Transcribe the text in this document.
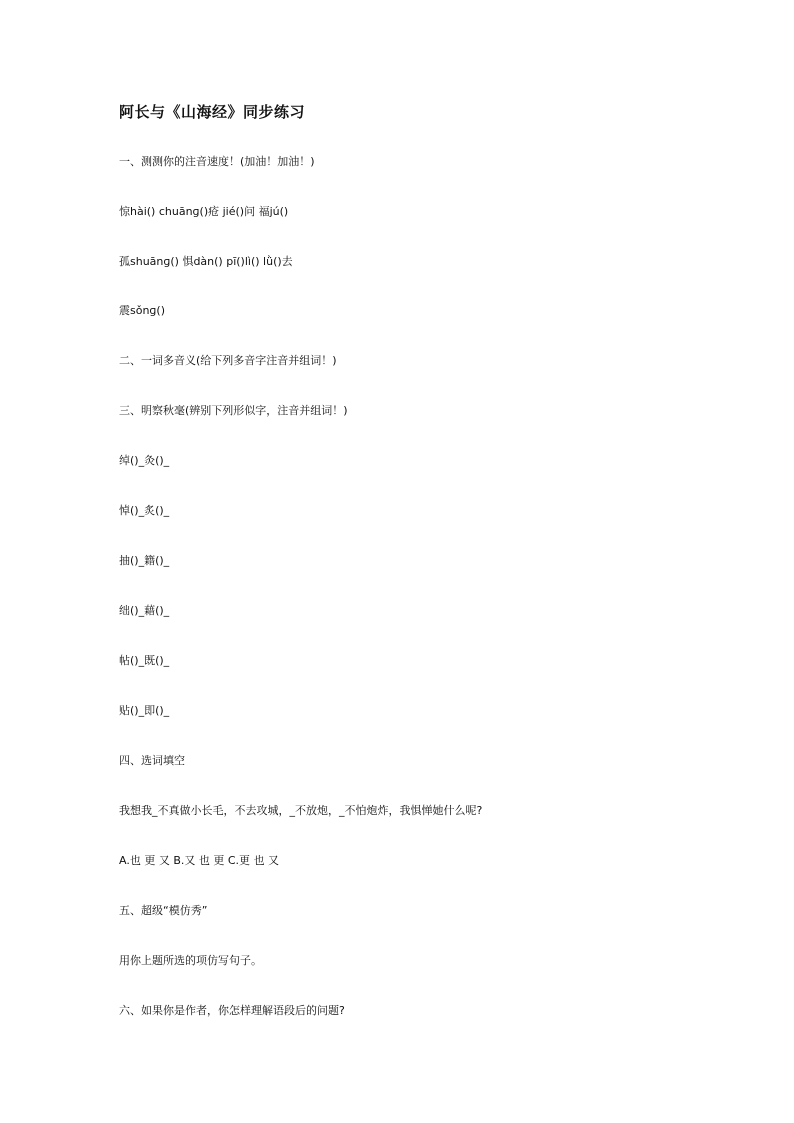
阿长与《山海经》同步练习
一、测测你的注音速度！(加油！加油！)
惊hài() chuānɡ()疮 jié()问 福jú()
孤shuānɡ() 惧dàn() pī()lì() lǜ()去
震sǒnɡ()
二、一词多音义(给下列多音字注音并组词！)
三、明察秋毫(辨别下列形似字，注音并组词！)
绰()_灸()_
悼()_炙()_
抽()_籍()_
绌()_藉()_
帖()_既()_
贴()_即()_
四、选词填空
我想我_不真做小长毛，不去攻城，_不放炮，_不怕炮炸，我惧惮她什么呢?
A.也 更 又 B.又 也 更 C.更 也 又
五、超级“模仿秀”
用你上题所选的项仿写句子。
六、如果你是作者，你怎样理解语段后的问题?
